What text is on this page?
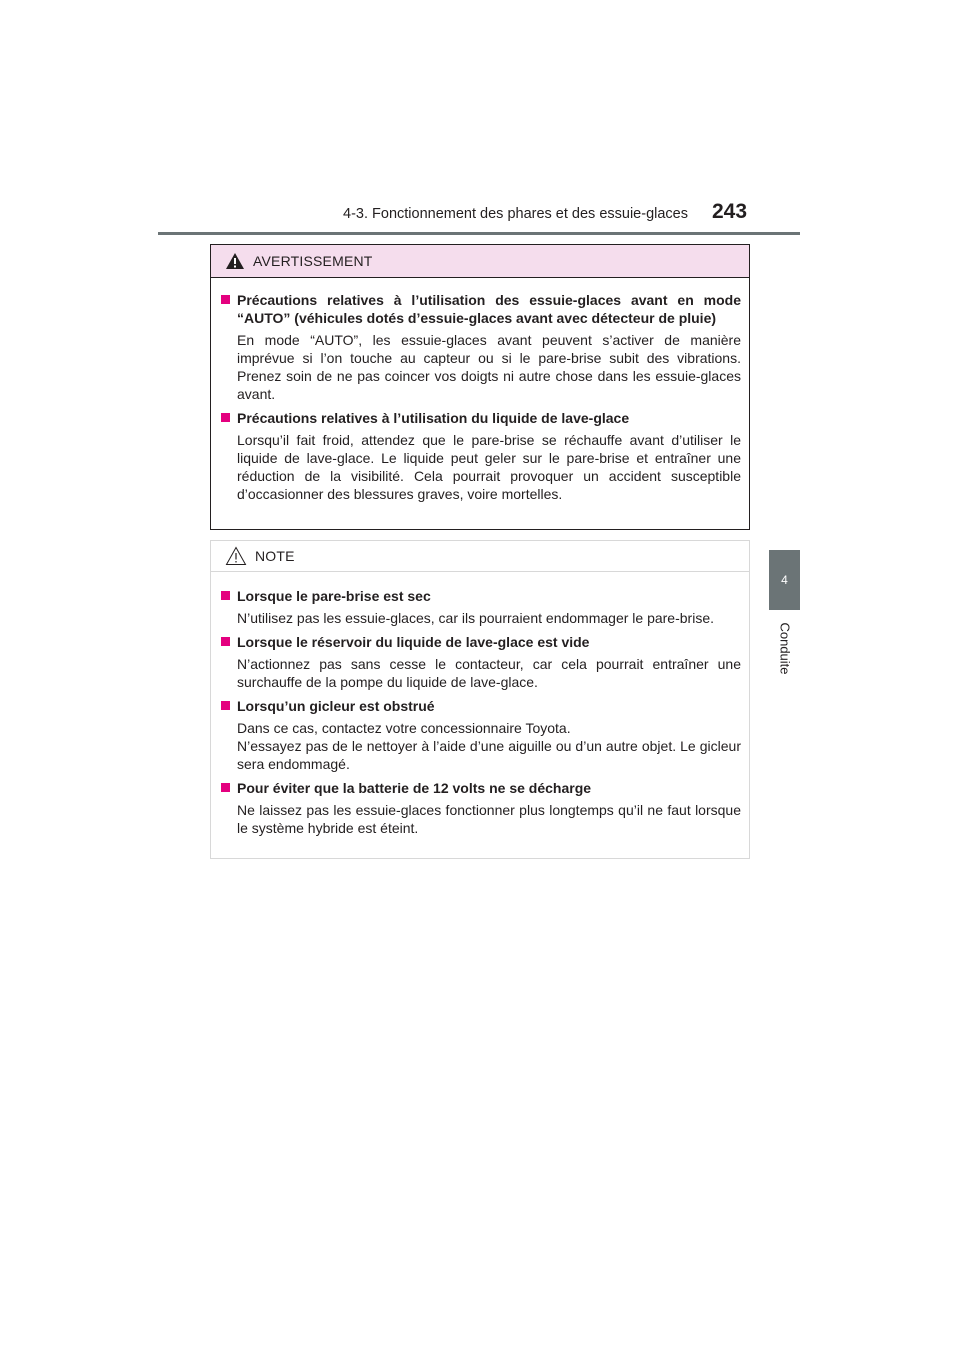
4-3. Fonctionnement des phares et des essuie-glaces 243
4
Conduite
AVERTISSEMENT
Précautions relatives à l’utilisation des essuie-glaces avant en mode “AUTO” (véhicules dotés d’essuie-glaces avant avec détecteur de pluie)
En mode “AUTO”, les essuie-glaces avant peuvent s’activer de manière imprévue si l’on touche au capteur ou si le pare-brise subit des vibrations. Prenez soin de ne pas coincer vos doigts ni autre chose dans les essuie-glaces avant.
Précautions relatives à l’utilisation du liquide de lave-glace
Lorsqu’il fait froid, attendez que le pare-brise se réchauffe avant d’utiliser le liquide de lave-glace. Le liquide peut geler sur le pare-brise et entraîner une réduction de la visibilité. Cela pourrait provoquer un accident susceptible d’occasionner des blessures graves, voire mortelles.
NOTE
Lorsque le pare-brise est sec
N’utilisez pas les essuie-glaces, car ils pourraient endommager le pare-brise.
Lorsque le réservoir du liquide de lave-glace est vide
N’actionnez pas sans cesse le contacteur, car cela pourrait entraîner une surchauffe de la pompe du liquide de lave-glace.
Lorsqu’un gicleur est obstrué

Dans ce cas, contactez votre concessionnaire Toyota.

N’essayez pas de le nettoyer à l’aide d’une aiguille ou d’un autre objet. Le gicleur sera endommagé.

Pour éviter que la batterie de 12 volts ne se décharge
Ne laissez pas les essuie-glaces fonctionner plus longtemps qu’il ne faut lorsque le système hybride est éteint.
